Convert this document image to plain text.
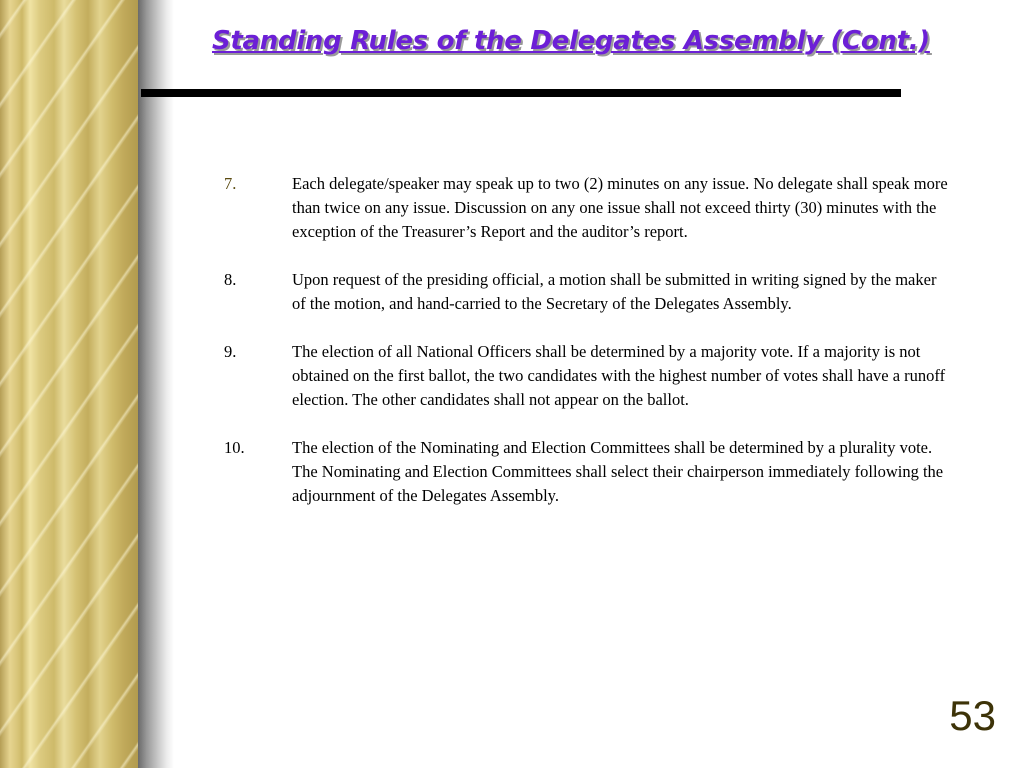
Standing Rules of the Delegates Assembly (Cont.)
7.	Each delegate/speaker may speak up to two (2) minutes on any issue. No delegate shall speak more than twice on any issue. Discussion on any one issue shall not exceed thirty (30) minutes with the exception of the Treasurer’s Report and the auditor’s report.
8.	Upon request of the presiding official, a motion shall be submitted in writing signed by the maker of the motion, and hand-carried to the Secretary of the Delegates Assembly.
9.	The election of all National Officers shall be determined by a majority vote. If a majority is not obtained on the first ballot, the two candidates with the highest number of votes shall have a runoff election. The other candidates shall not appear on the ballot.
10.	The election of the Nominating and Election Committees shall be determined by a plurality vote. The Nominating and Election Committees shall select their chairperson immediately following the adjournment of the Delegates Assembly.
53
